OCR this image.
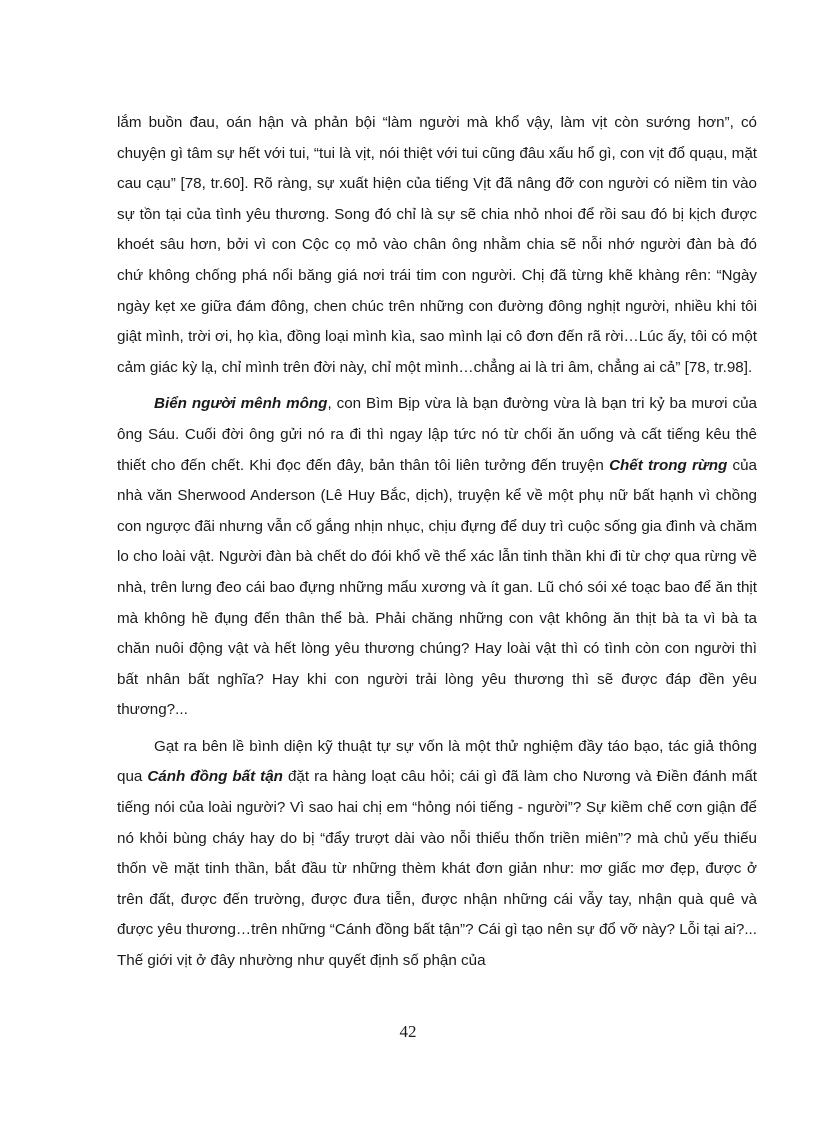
lắm buồn đau, oán hận và phản bội “làm người mà khổ vậy, làm vịt còn sướng hơn”, có chuyện gì tâm sự hết với tui, “tui là vịt, nói thiệt với tui cũng đâu xấu hổ gì, con vịt đổ quạu, mặt cau cạu” [78, tr.60]. Rõ ràng, sự xuất hiện của tiếng Vịt đã nâng đỡ con người có niềm tin vào sự tồn tại của tình yêu thương. Song đó chỉ là sự sẽ chia nhỏ nhoi để rồi sau đó bị kịch được khoét sâu hơn, bởi vì con Cộc cọ mỏ vào chân ông nhằm chia sẽ nỗi nhớ người đàn bà đó chứ không chống phá nổi băng giá nơi trái tim con người. Chị đã từng khẽ khàng rên: “Ngày ngày kẹt xe giữa đám đông, chen chúc trên những con đường đông nghịt người, nhiều khi tôi giật mình, trời ơi, họ kìa, đồng loại mình kìa, sao mình lại cô đơn đến rã rời…Lúc ấy, tôi có một cảm giác kỳ lạ, chỉ mình trên đời này, chỉ một mình…chẳng ai là tri âm, chẳng ai cả” [78, tr.98].

Biển người mênh mông, con Bìm Bịp vừa là bạn đường vừa là bạn tri kỷ ba mươi của ông Sáu. Cuối đời ông gửi nó ra đi thì ngay lập tức nó từ chối ăn uống và cất tiếng kêu thê thiết cho đến chết. Khi đọc đến đây, bản thân tôi liên tưởng đến truyện Chết trong rừng của nhà văn Sherwood Anderson (Lê Huy Bắc, dịch), truyện kể về một phụ nữ bất hạnh vì chồng con ngược đãi nhưng vẫn cố gắng nhịn nhục, chịu đựng để duy trì cuộc sống gia đình và chăm lo cho loài vật. Người đàn bà chết do đói khổ về thể xác lẫn tinh thần khi đi từ chợ qua rừng về nhà, trên lưng đeo cái bao đựng những mẩu xương và ít gan. Lũ chó sói xé toạc bao để ăn thịt mà không hề đụng đến thân thể bà. Phải chăng những con vật không ăn thịt bà ta vì bà ta chăn nuôi động vật và hết lòng yêu thương chúng? Hay loài vật thì có tình còn con người thì bất nhân bất nghĩa? Hay khi con người trải lòng yêu thương thì sẽ được đáp đền yêu thương?...

Gạt ra bên lề bình diện kỹ thuật tự sự vốn là một thử nghiệm đầy táo bạo, tác giả thông qua Cánh đồng bất tận đặt ra hàng loạt câu hỏi; cái gì đã làm cho Nương và Điền đánh mất tiếng nói của loài người? Vì sao hai chị em “hỏng nói tiếng - người”? Sự kiềm chế cơn giận để nó khỏi bùng cháy hay do bị “đẩy trượt dài vào nỗi thiếu thốn triền miên”? mà chủ yếu thiếu thốn về mặt tinh thần, bắt đầu từ những thèm khát đơn giản như: mơ giấc mơ đẹp, được ở trên đất, được đến trường, được đưa tiễn, được nhận những cái vẫy tay, nhận quà quê và được yêu thương…trên những “Cánh đồng bất tận”? Cái gì tạo nên sự đổ vỡ này? Lỗi tại ai?... Thế giới vịt ở đây nhường như quyết định số phận của

42
